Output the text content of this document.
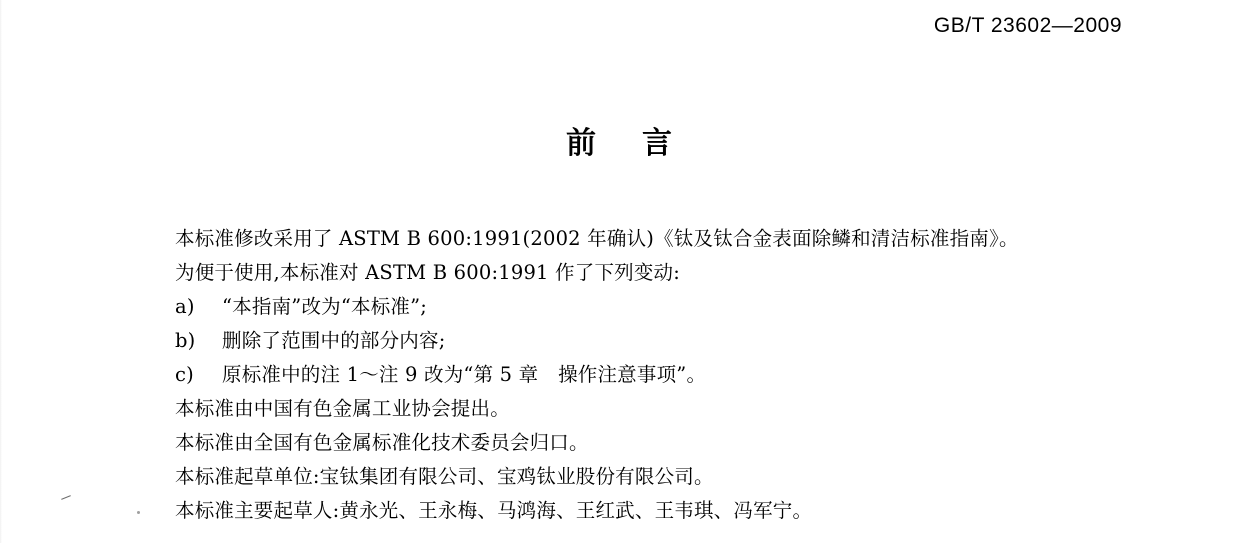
GB/T 23602—2009
前 言
本标准修改采用了 ASTM B 600:1991(2002 年确认)《钛及钛合金表面除鳞和清洁标准指南》。
为便于使用,本标准对 ASTM B 600:1991 作了下列变动:
a)	“本指南”改为“本标准”;
b)	删除了范围中的部分内容;
c)	原标准中的注 1～注 9 改为“第 5 章　操作注意事项”。
本标准由中国有色金属工业协会提出。
本标准由全国有色金属标准化技术委员会归口。
本标准起草单位:宝钛集团有限公司、宝鸡钛业股份有限公司。
本标准主要起草人:黄永光、王永梅、马鸿海、王红武、王韦琪、冯军宁。
